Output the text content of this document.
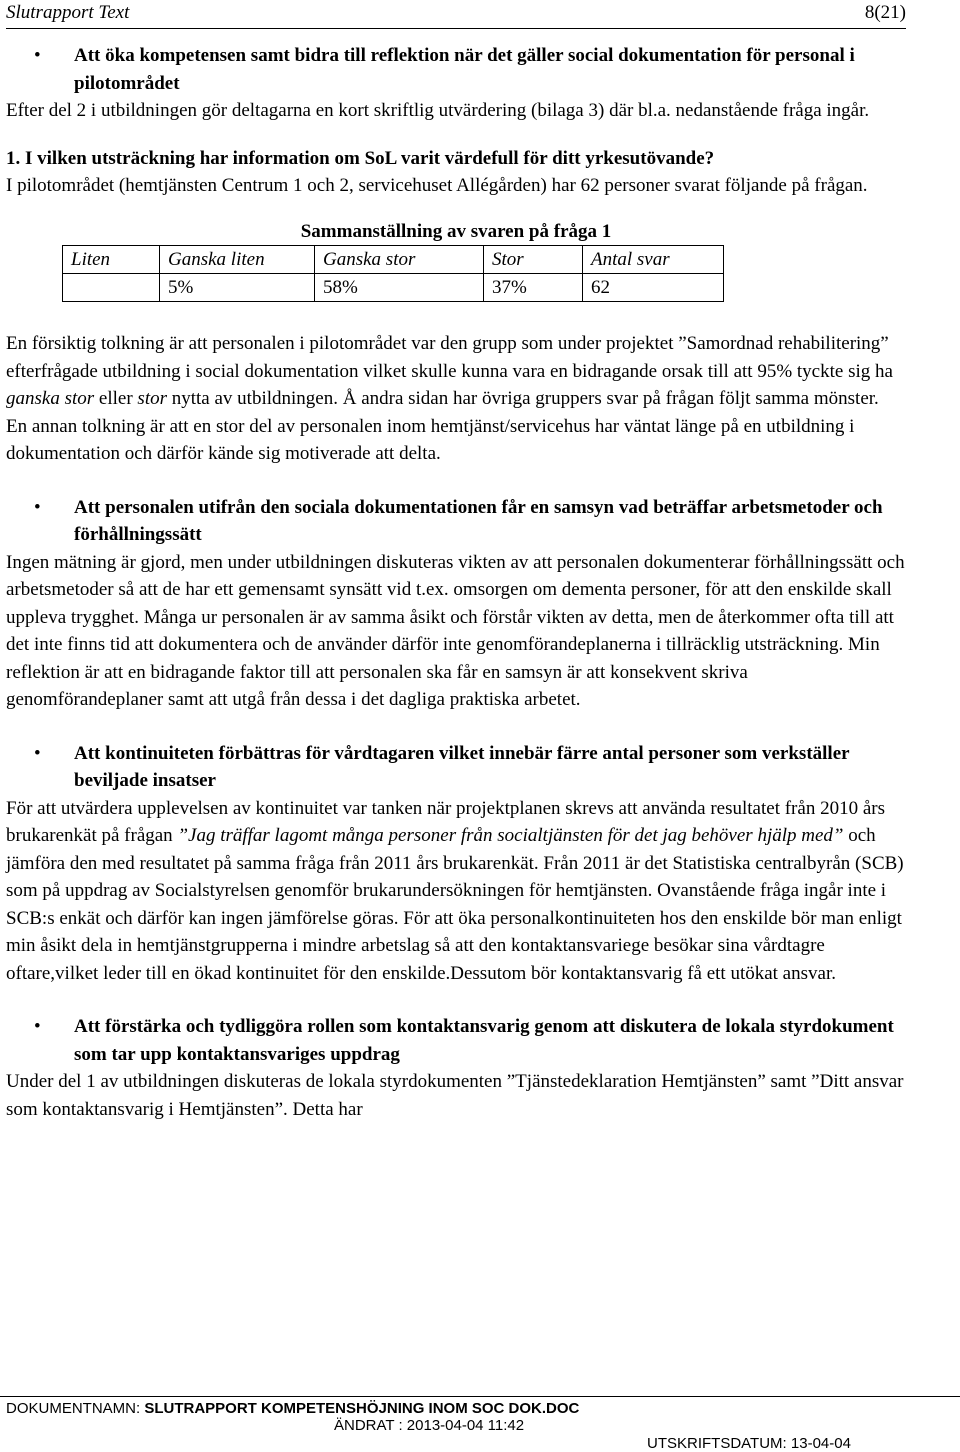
Slutrapport Text	8(21)
• Att öka kompetensen samt bidra till reflektion när det gäller social dokumentation för personal i pilotområdet

Efter del 2 i utbildningen gör deltagarna en kort skriftlig utvärdering (bilaga 3) där bl.a. nedanstående fråga ingår.

1. I vilken utsträckning har information om SoL varit värdefull för ditt yrkesutövande?

I pilotområdet (hemtjänsten Centrum 1 och 2, servicehuset Allégården) har 62 personer svarat följande på frågan.

Sammanställning av svaren på fråga 1
Liten	Ganska liten	Ganska stor	Stor	Antal svar
	5%	58%	37%	62

En försiktig tolkning är att personalen i pilotområdet var den grupp som under projektet ”Samordnad rehabilitering” efterfrågade utbildning i social dokumentation vilket skulle kunna vara en bidragande orsak till att 95% tyckte sig ha ganska stor eller stor nytta av utbildningen. Å andra sidan har övriga gruppers svar på frågan följt samma mönster.

En annan tolkning är att en stor del av personalen inom hemtjänst/servicehus har väntat länge på en utbildning i dokumentation och därför kände sig motiverade att delta.

• Att personalen utifrån den sociala dokumentationen får en samsyn vad beträffar arbetsmetoder och förhållningssätt

Ingen mätning är gjord, men under utbildningen diskuteras vikten av att personalen dokumenterar förhållningssätt och arbetsmetoder så att de har ett gemensamt synsätt vid t.ex. omsorgen om dementa personer, för att den enskilde skall uppleva trygghet. Många ur personalen är av samma åsikt och förstår vikten av detta, men de återkommer ofta till att det inte finns tid att dokumentera och de använder därför inte genomförandeplanerna i tillräcklig utsträckning. Min reflektion är att en bidragande faktor till att personalen ska får en samsyn är att konsekvent skriva genomförandeplaner samt att utgå från dessa i det dagliga praktiska arbetet.

• Att kontinuiteten förbättras för vårdtagaren vilket innebär färre antal personer som verkställer beviljade insatser

För att utvärdera upplevelsen av kontinuitet var tanken när projektplanen skrevs att använda resultatet från 2010 års brukarenkät på frågan ”Jag träffar lagomt många personer från socialtjänsten för det jag behöver hjälp med” och jämföra den med resultatet på samma fråga från 2011 års brukarenkät. Från 2011 är det Statistiska centralbyrån (SCB) som på uppdrag av Socialstyrelsen genomför brukarundersökningen för hemtjänsten. Ovanstående fråga ingår inte i SCB:s enkät och därför kan ingen jämförelse göras. För att öka personalkontinuiteten hos den enskilde bör man enligt min åsikt dela in hemtjänstgrupperna i mindre arbetslag så att den kontaktansvariege besökar sina vårdtagre oftare,vilket leder till en ökad kontinuitet för den enskilde.Dessutom bör kontaktansvarig få ett utökat ansvar.

• Att förstärka och tydliggöra rollen som kontaktansvarig genom att diskutera de lokala styrdokument som tar upp kontaktansvariges uppdrag

Under del 1 av utbildningen diskuteras de lokala styrdokumenten ”Tjänstedeklaration Hemtjänsten” samt ”Ditt ansvar som kontaktansvarig i Hemtjänsten”. Detta har

DOKUMENTNAMN: SLUTRAPPORT KOMPETENSHÖJNING INOM SOC DOK.DOC
ÄNDRAT : 2013-04-04 11:42
UTSKRIFTSDATUM: 13-04-04
